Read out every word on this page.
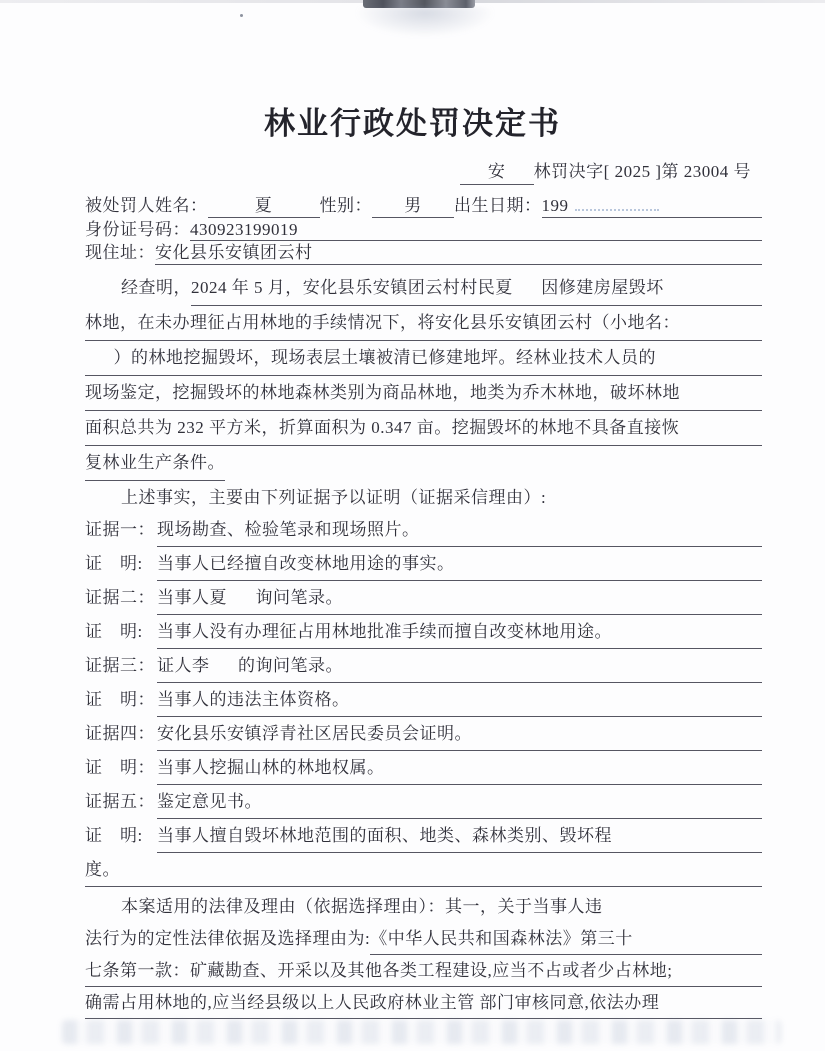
林业行政处罚决定书
安 林罚决字[ 2025 ]第 23004 号
被处罚人姓名：	夏	性别：	男	出生日期： 199
身份证号码： 430923199019
现住址： 安化县乐安镇团云村
经查明， 2024 年 5 月，安化县乐安镇团云村村民夏      因修建房屋毁坏
林地，在未办理征占用林地的手续情况下，将安化县乐安镇团云村（小地名：
）的林地挖掘毁坏，现场表层土壤被清已修建地坪。经林业技术人员的
现场鉴定，挖掘毁坏的林地森林类别为商品林地，地类为乔木林地，破坏林地
面积总共为 232 平方米，折算面积为 0.347 亩。挖掘毁坏的林地不具备直接恢
复林业生产条件。
上述事实，主要由下列证据予以证明（证据采信理由）:
证据一： 现场勘查、检验笔录和现场照片。
证　明: 当事人已经擅自改变林地用途的事实。
证据二： 当事人夏      询问笔录。
证　明: 当事人没有办理征占用林地批准手续而擅自改变林地用途。
证据三： 证人李      的询问笔录。
证　明： 当事人的违法主体资格。
证据四： 安化县乐安镇浮青社区居民委员会证明。
证　明： 当事人挖掘山林的林地权属。
证据五： 鉴定意见书。
证　明: 当事人擅自毁坏林地范围的面积、地类、森林类别、毁坏程
度。
本案适用的法律及理由（依据选择理由）：其一，关于当事人违
法行为的定性法律依据及选择理由为: 《中华人民共和国森林法》第三十
七条第一款：矿藏勘查、开采以及其他各类工程建设,应当不占或者少占林地;
确需占用林地的,应当经县级以上人民政府林业主管 部门审核同意,依法办理
